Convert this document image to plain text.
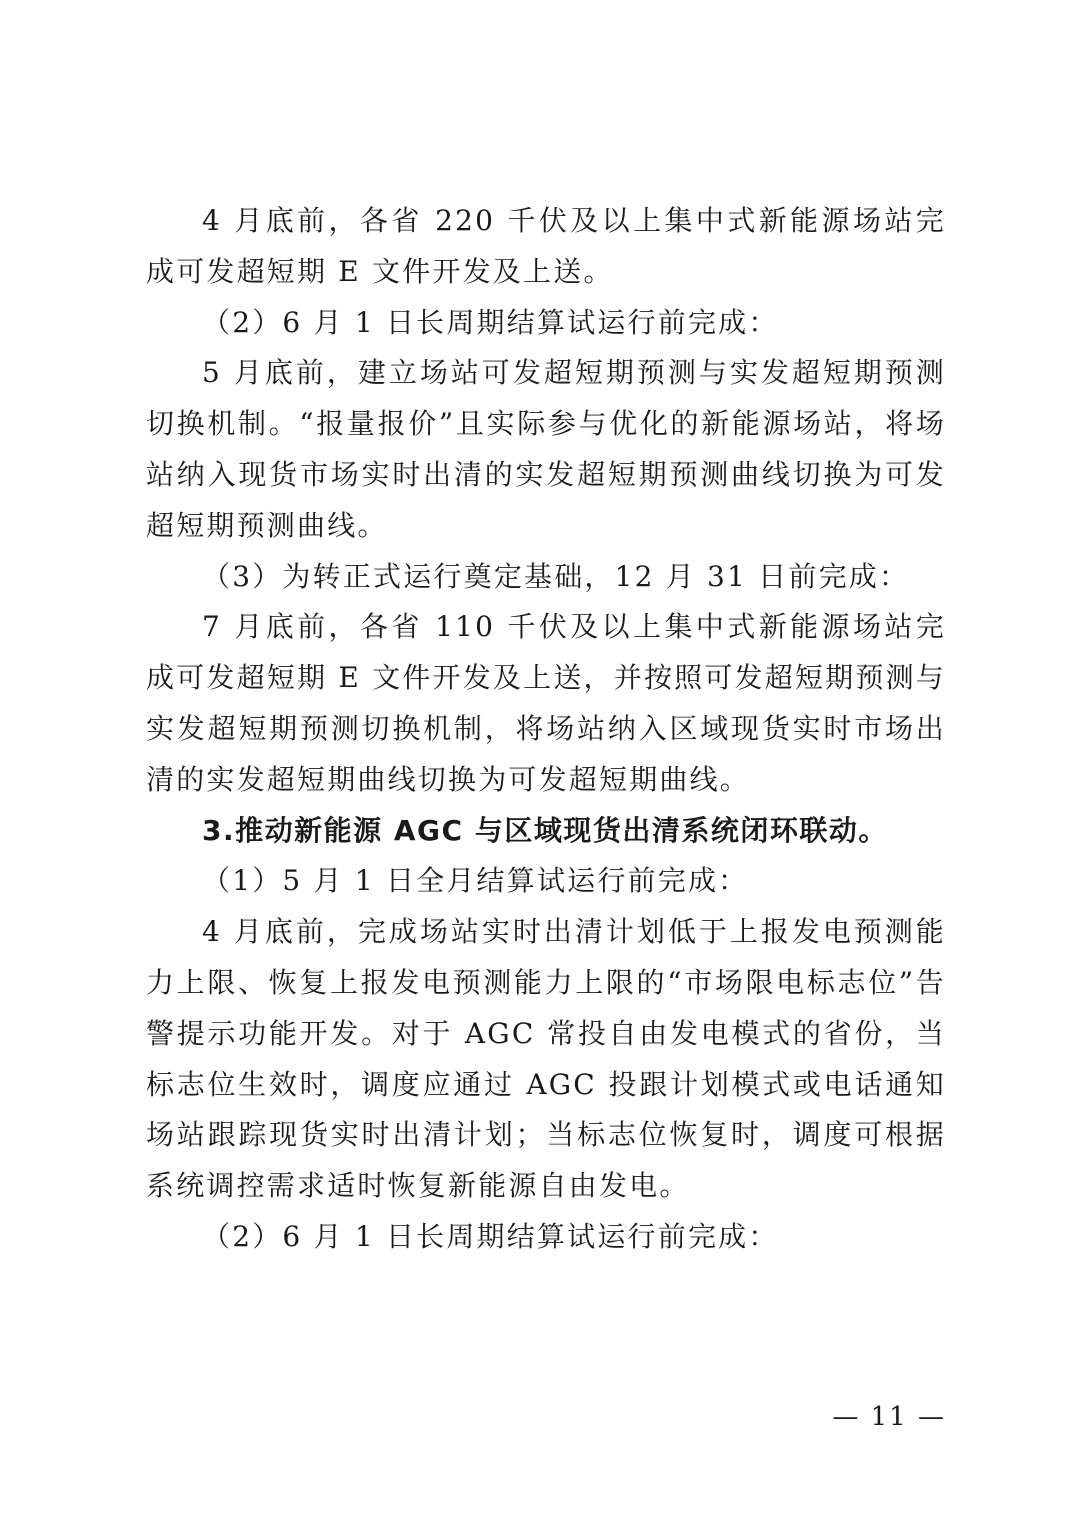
4 月底前，各省 220 千伏及以上集中式新能源场站完成可发超短期 E 文件开发及上送。

（2）6 月 1 日长周期结算试运行前完成：

5 月底前，建立场站可发超短期预测与实发超短期预测切换机制。“报量报价”且实际参与优化的新能源场站，将场站纳入现货市场实时出清的实发超短期预测曲线切换为可发超短期预测曲线。

（3）为转正式运行奠定基础，12 月 31 日前完成：

7 月底前，各省 110 千伏及以上集中式新能源场站完成可发超短期 E 文件开发及上送，并按照可发超短期预测与实发超短期预测切换机制，将场站纳入区域现货实时市场出清的实发超短期曲线切换为可发超短期曲线。

3.推动新能源 AGC 与区域现货出清系统闭环联动。

（1）5 月 1 日全月结算试运行前完成：

4 月底前，完成场站实时出清计划低于上报发电预测能力上限、恢复上报发电预测能力上限的“市场限电标志位”告警提示功能开发。对于 AGC 常投自由发电模式的省份，当标志位生效时，调度应通过 AGC 投跟计划模式或电话通知场站跟踪现货实时出清计划；当标志位恢复时，调度可根据系统调控需求适时恢复新能源自由发电。

（2）6 月 1 日长周期结算试运行前完成：

— 11 —
